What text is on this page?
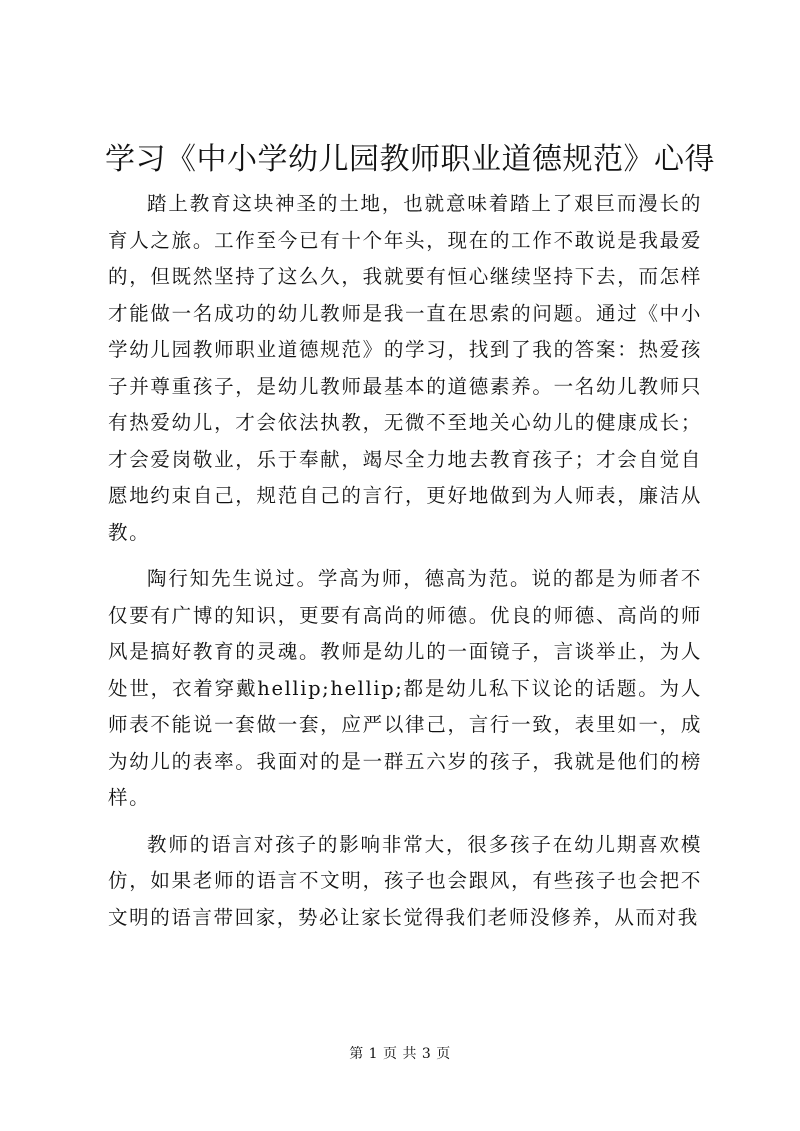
学习《中小学幼儿园教师职业道德规范》心得

踏上教育这块神圣的土地，也就意味着踏上了艰巨而漫长的育人之旅。工作至今已有十个年头，现在的工作不敢说是我最爱的，但既然坚持了这么久，我就要有恒心继续坚持下去，而怎样才能做一名成功的幼儿教师是我一直在思索的问题。通过《中小学幼儿园教师职业道德规范》的学习，找到了我的答案：热爱孩子并尊重孩子，是幼儿教师最基本的道德素养。一名幼儿教师只有热爱幼儿，才会依法执教，无微不至地关心幼儿的健康成长；才会爱岗敬业，乐于奉献，竭尽全力地去教育孩子；才会自觉自愿地约束自己，规范自己的言行，更好地做到为人师表，廉洁从教。

陶行知先生说过。学高为师，德高为范。说的都是为师者不仅要有广博的知识，更要有高尚的师德。优良的师德、高尚的师风是搞好教育的灵魂。教师是幼儿的一面镜子，言谈举止，为人处世，衣着穿戴hellip;hellip;都是幼儿私下议论的话题。为人师表不能说一套做一套，应严以律己，言行一致，表里如一，成为幼儿的表率。我面对的是一群五六岁的孩子，我就是他们的榜样。

教师的语言对孩子的影响非常大，很多孩子在幼儿期喜欢模仿，如果老师的语言不文明，孩子也会跟风，有些孩子也会把不文明的语言带回家，势必让家长觉得我们老师没修养，从而对我

第 1 页 共 3 页
